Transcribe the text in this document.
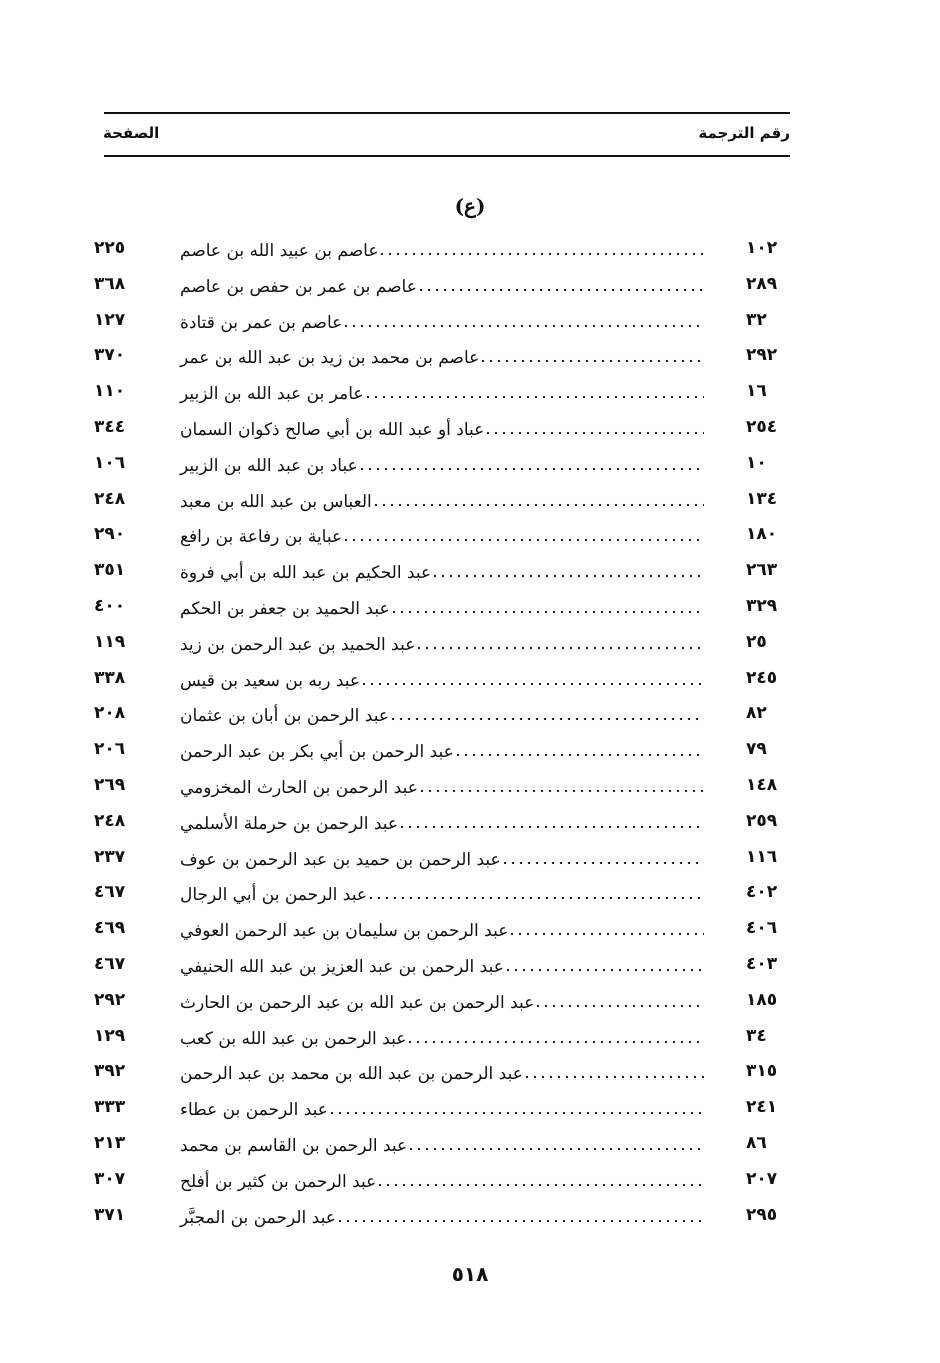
رقم الترجمة
الصفحة
(ع)
١٠٢
عاصم بن عبيد الله بن عاصم
٢٢٥
٢٨٩
عاصم بن عمر بن حفص بن عاصم
٣٦٨
٣٢
عاصم بن عمر بن قتادة
١٢٧
٢٩٢
عاصم بن محمد بن زيد بن عبد الله بن عمر
٣٧٠
١٦
عامر بن عبد الله بن الزبير
١١٠
٢٥٤
عباد أو عبد الله بن أبي صالح ذكوان السمان
٣٤٤
١٠
عباد بن عبد الله بن الزبير
١٠٦
١٣٤
العباس بن عبد الله بن معبد
٢٤٨
١٨٠
عباية بن رفاعة بن رافع
٢٩٠
٢٦٣
عبد الحكيم بن عبد الله بن أبي فروة
٣٥١
٣٢٩
عبد الحميد بن جعفر بن الحكم
٤٠٠
٢٥
عبد الحميد بن عبد الرحمن بن زيد
١١٩
٢٤٥
عبد ربه بن سعيد بن قيس
٣٣٨
٨٢
عبد الرحمن بن أبان بن عثمان
٢٠٨
٧٩
عبد الرحمن بن أبي بكر بن عبد الرحمن
٢٠٦
١٤٨
عبد الرحمن بن الحارث المخزومي
٢٦٩
٢٥٩
عبد الرحمن بن حرملة الأسلمي
٢٤٨
١١٦
عبد الرحمن بن حميد بن عبد الرحمن بن عوف
٢٣٧
٤٠٢
عبد الرحمن بن أبي الرجال
٤٦٧
٤٠٦
عبد الرحمن بن سليمان بن عبد الرحمن العوفي
٤٦٩
٤٠٣
عبد الرحمن بن عبد العزيز بن عبد الله الحنيفي
٤٦٧
١٨٥
عبد الرحمن بن عبد الله بن عبد الرحمن بن الحارث
٢٩٢
٣٤
عبد الرحمن بن عبد الله بن كعب
١٢٩
٣١٥
عبد الرحمن بن عبد الله بن محمد بن عبد الرحمن
٣٩٢
٢٤١
عبد الرحمن بن عطاء
٣٣٣
٨٦
عبد الرحمن بن القاسم بن محمد
٢١٣
٢٠٧
عبد الرحمن بن كثير بن أفلح
٣٠٧
٢٩٥
عبد الرحمن بن المجبَّر
٣٧١
٥١٨
